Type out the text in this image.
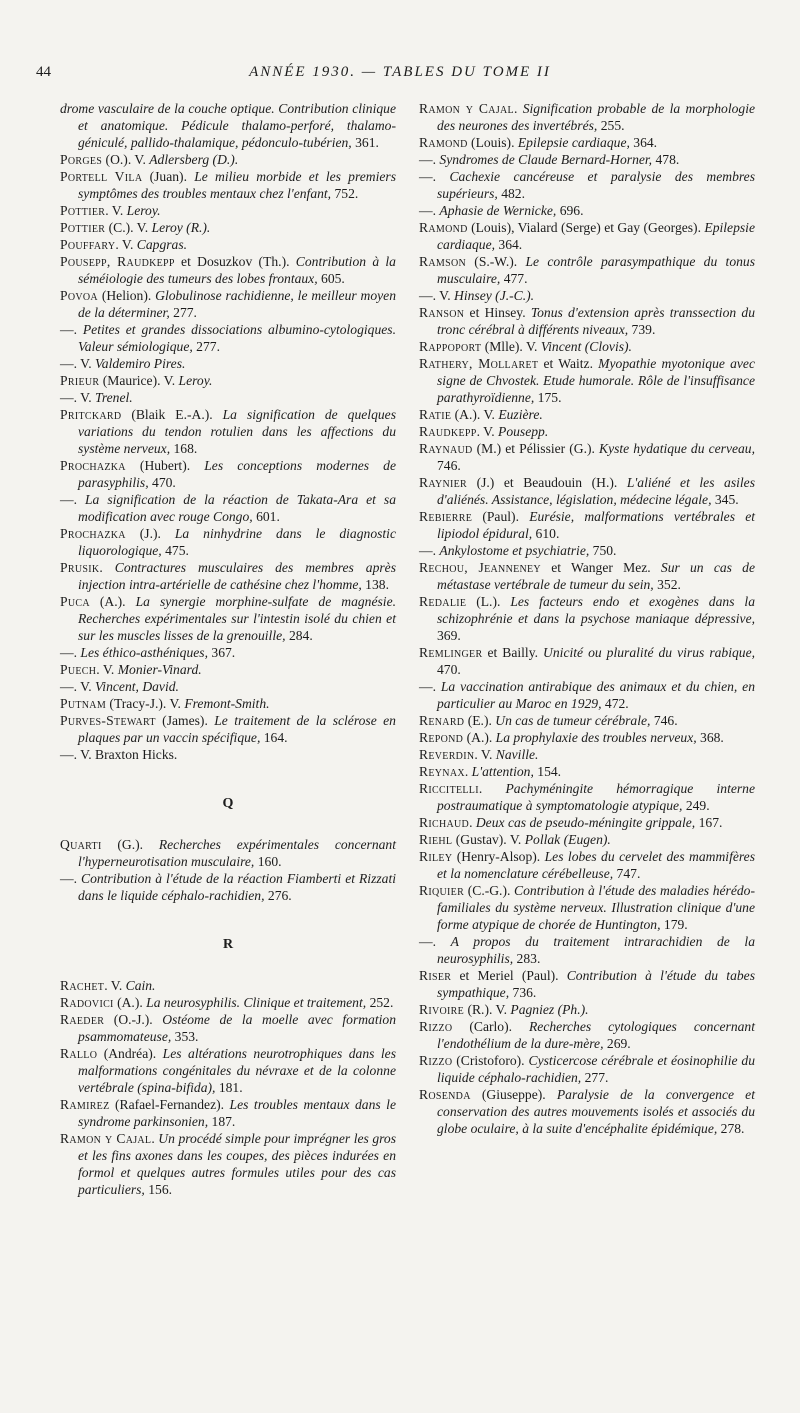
44	ANNÉE 1930. — TABLES DU TOME II

drome vasculaire de la couche optique. Contribution clinique et anatomique. Pédicule thalamo-perforé, thalamo-géniculé, pallido-thalamique, pédonculo-tubérien, 361.

Porges (O.). V. Adlersberg (D.).

Portell Vila (Juan). Le milieu morbide et les premiers symptômes des troubles mentaux chez l'enfant, 752.

Pottier. V. Leroy.

Pottier (C.). V. Leroy (R.).

Pouffary. V. Capgras.

Pousepp, Raudkepp et Dosuzkov (Th.). Contribution à la séméiologie des tumeurs des lobes frontaux, 605.

Povoa (Helion). Globulinose rachidienne, le meilleur moyen de la déterminer, 277.

—. Petites et grandes dissociations albumino-cytologiques. Valeur sémiologique, 277.

—. V. Valdemiro Pires.

Prieur (Maurice). V. Leroy.

—. V. Trenel.

Pritckard (Blaik E.-A.). La signification de quelques variations du tendon rotulien dans les affections du système nerveux, 168.

Prochazka (Hubert). Les conceptions modernes de parasyphilis, 470.

—. La signification de la réaction de Takata-Ara et sa modification avec rouge Congo, 601.

Prochazka (J.). La ninhydrine dans le diagnostic liquorologique, 475.

Prusik. Contractures musculaires des membres après injection intra-artérielle de cathésine chez l'homme, 138.

Puca (A.). La synergie morphine-sulfate de magnésie. Recherches expérimentales sur l'intestin isolé du chien et sur les muscles lisses de la grenouille, 284.

—. Les éthico-asthéniques, 367.

Puech. V. Monier-Vinard.

—. V. Vincent, David.

Putnam (Tracy-J.). V. Fremont-Smith.

Purves-Stewart (James). Le traitement de la sclérose en plaques par un vaccin spécifique, 164.

—. V. Braxton Hicks.

Q

Quarti (G.). Recherches expérimentales concernant l'hyperneurotisation musculaire, 160.

—. Contribution à l'étude de la réaction Fiamberti et Rizzati dans le liquide céphalo-rachidien, 276.

R

Rachet. V. Cain.

Radovici (A.). La neurosyphilis. Clinique et traitement, 252.

Raeder (O.-J.). Ostéome de la moelle avec formation psammomateuse, 353.

Rallo (Andréa). Les altérations neurotrophiques dans les malformations congénitales du névraxe et de la colonne vertébrale (spina-bifida), 181.

Ramirez (Rafael-Fernandez). Les troubles mentaux dans le syndrome parkinsonien, 187.

Ramon y Cajal. Un procédé simple pour imprégner les gros et les fins axones dans les coupes, des pièces indurées en formol et quelques autres formules utiles pour des cas particuliers, 156.

Ramon y Cajal. Signification probable de la morphologie des neurones des invertébrés, 255.

Ramond (Louis). Epilepsie cardiaque, 364.

—. Syndromes de Claude Bernard-Horner, 478.

—. Cachexie cancéreuse et paralysie des membres supérieurs, 482.

—. Aphasie de Wernicke, 696.

Ramond (Louis), Vialard (Serge) et Gay (Georges). Epilepsie cardiaque, 364.

Ramson (S.-W.). Le contrôle parasympathique du tonus musculaire, 477.

—. V. Hinsey (J.-C.).

Ranson et Hinsey. Tonus d'extension après transsection du tronc cérébral à différents niveaux, 739.

Rappoport (Mlle). V. Vincent (Clovis).

Rathery, Mollaret et Waitz. Myopathie myotonique avec signe de Chvostek. Etude humorale. Rôle de l'insuffisance parathyroïdienne, 175.

Ratie (A.). V. Euzière.

Raudkepp. V. Pousepp.

Raynaud (M.) et Pélissier (G.). Kyste hydatique du cerveau, 746.

Raynier (J.) et Beaudouin (H.). L'aliéné et les asiles d'aliénés. Assistance, législation, médecine légale, 345.

Rebierre (Paul). Eurésie, malformations vertébrales et lipiodol épidural, 610.

—. Ankylostome et psychiatrie, 750.

Rechou, Jeanneney et Wanger Mez. Sur un cas de métastase vertébrale de tumeur du sein, 352.

Redalie (L.). Les facteurs endo et exogènes dans la schizophrénie et dans la psychose maniaque dépressive, 369.

Remlinger et Bailly. Unicité ou pluralité du virus rabique, 470.

—. La vaccination antirabique des animaux et du chien, en particulier au Maroc en 1929, 472.

Renard (E.). Un cas de tumeur cérébrale, 746.

Repond (A.). La prophylaxie des troubles nerveux, 368.

Reverdin. V. Naville.

Reynax. L'attention, 154.

Riccitelli. Pachyméningite hémorragique interne postraumatique à symptomatologie atypique, 249.

Richaud. Deux cas de pseudo-méningite grippale, 167.

Riehl (Gustav). V. Pollak (Eugen).

Riley (Henry-Alsop). Les lobes du cervelet des mammifères et la nomenclature cérébelleuse, 747.

Riquier (C.-G.). Contribution à l'étude des maladies hérédo-familiales du système nerveux. Illustration clinique d'une forme atypique de chorée de Huntington, 179.

—. A propos du traitement intrarachidien de la neurosyphilis, 283.

Riser et Meriel (Paul). Contribution à l'étude du tabes sympathique, 736.

Rivoire (R.). V. Pagniez (Ph.).

Rizzo (Carlo). Recherches cytologiques concernant l'endothélium de la dure-mère, 269.

Rizzo (Cristoforo). Cysticercose cérébrale et éosinophilie du liquide céphalo-rachidien, 277.

Rosenda (Giuseppe). Paralysie de la convergence et conservation des autres mouvements isolés et associés du globe oculaire, à la suite d'encéphalite épidémique, 278.
